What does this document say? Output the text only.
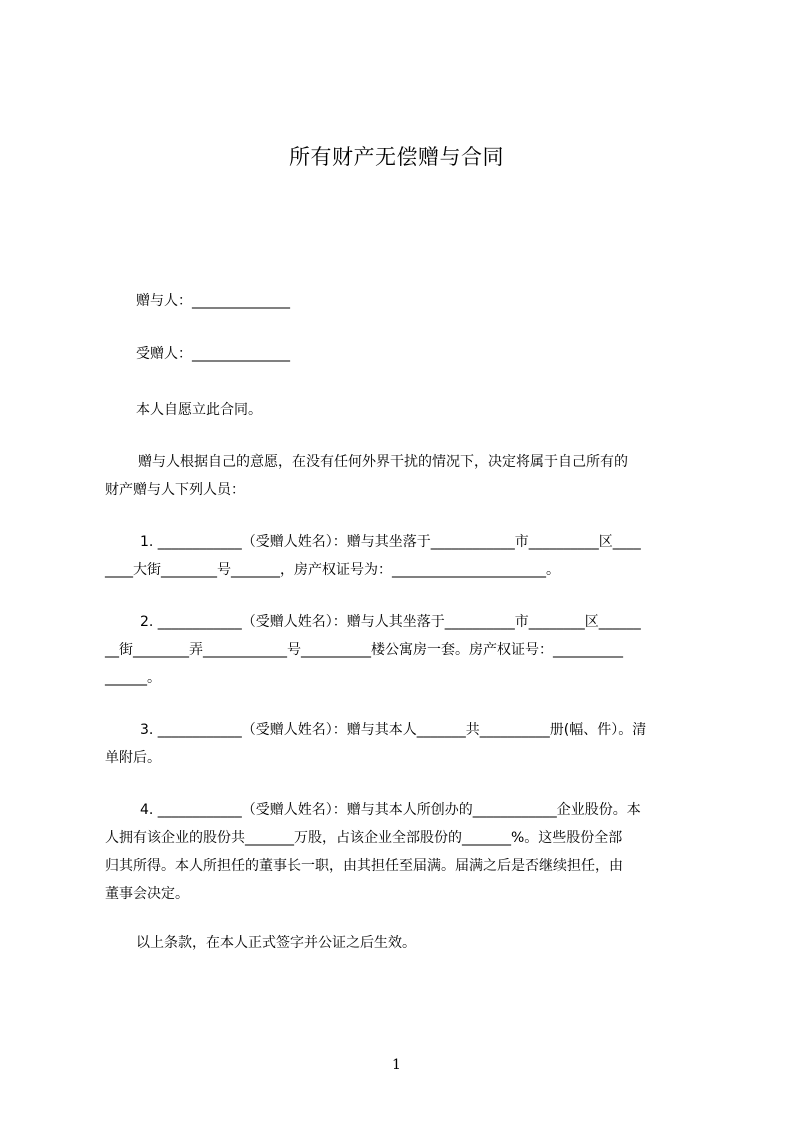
所有财产无偿赠与合同
赠与人：______________
受赠人：______________
本人自愿立此合同。
赠与人根据自己的意愿，在没有任何外界干扰的情况下，决定将属于自己所有的
财产赠与人下列人员：
1. ____________（受赠人姓名）：赠与其坐落于____________市__________区____
____大街________号_______，房产权证号为：______________________。
2. ____________（受赠人姓名）：赠与人其坐落于__________市________区______
__街________弄____________号__________楼公寓房一套。房产权证号：__________
______。
3. ____________（受赠人姓名）：赠与其本人_______共__________册(幅、件）。清
单附后。
4. ____________（受赠人姓名）：赠与其本人所创办的____________企业股份。本
人拥有该企业的股份共_______万股，占该企业全部股份的_______%。这些股份全部
归其所得。本人所担任的董事长一职，由其担任至届满。届满之后是否继续担任，由
董事会决定。
以上条款，在本人正式签字并公证之后生效。
1
